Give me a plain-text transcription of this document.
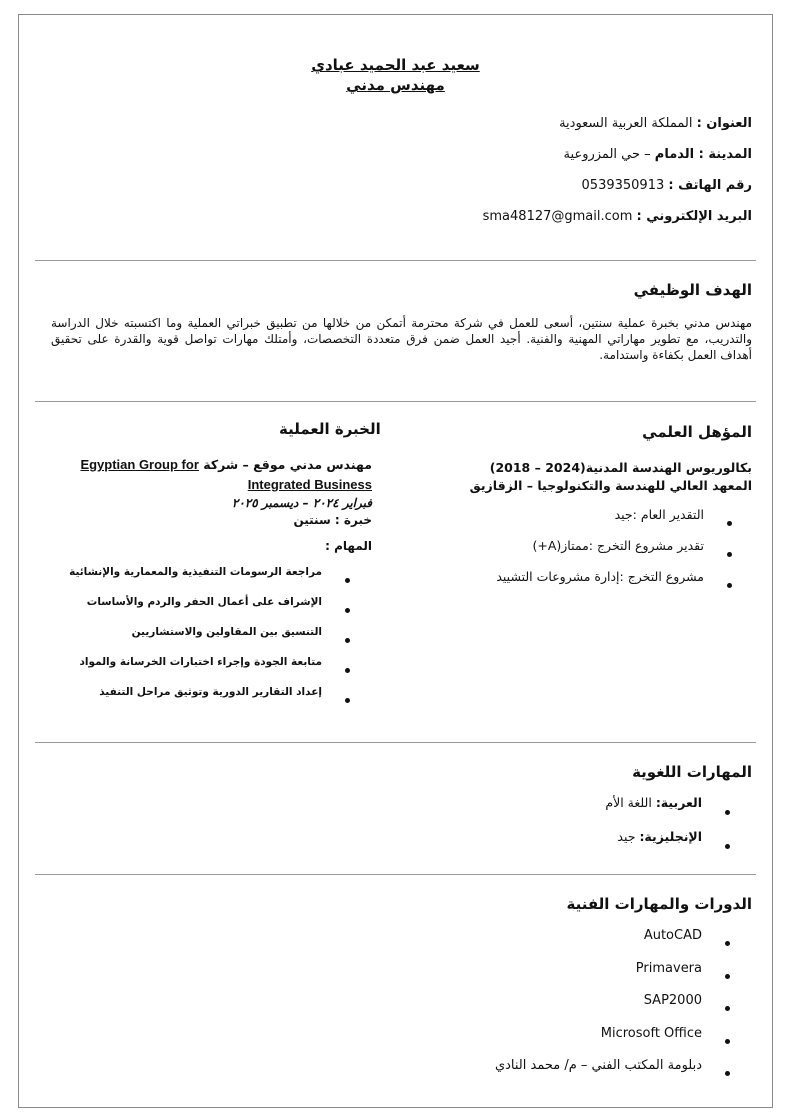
سعيد عبد الحميد عبادي
مهندس مدني
العنوان : المملكة العربية السعودية
المدينة : الدمام – حي المزروعية
رقم الهاتف : 0539350913
البريد الإلكتروني : sma48127@gmail.com
الهدف الوظيفي
مهندس مدني بخبرة عملية سنتين، أسعى للعمل في شركة محترمة أتمكن من خلالها من تطبيق خبراتي العملية وما اكتسبته خلال الدراسة والتدريب، مع تطوير مهاراتي المهنية والفنية. أجيد العمل ضمن فرق متعددة التخصصات، وأمتلك مهارات تواصل قوية والقدرة على تحقيق أهداف العمل بكفاءة واستدامة.
المؤهل العلمي
الخبرة العملية
بكالوريوس الهندسة المدنية(2024 – 2018)
المعهد العالي للهندسة والتكنولوجيا – الزقازيق
التقدير العام :جيد
تقدير مشروع التخرج :ممتاز(A+)
مشروع التخرج :إدارة مشروعات التشييد
مهندس مدني موقع – شركة Egyptian Group for
Integrated Business
فبراير ٢٠٢٤ – ديسمبر ٢٠٢٥
خبرة : سنتين
المهام :
مراجعة الرسومات التنفيذية والمعمارية والإنشائية
الإشراف على أعمال الحفر والردم والأساسات
التنسيق بين المقاولين والاستشاريين
متابعة الجودة وإجراء اختبارات الخرسانة والمواد
إعداد التقارير الدورية وتوثيق مراحل التنفيذ
المهارات اللغوية
العربية: اللغة الأم
الإنجليزية: جيد
الدورات والمهارات الفنية
AutoCAD
Primavera
SAP2000
Microsoft Office
دبلومة المكتب الفني – م/ محمد النادي
